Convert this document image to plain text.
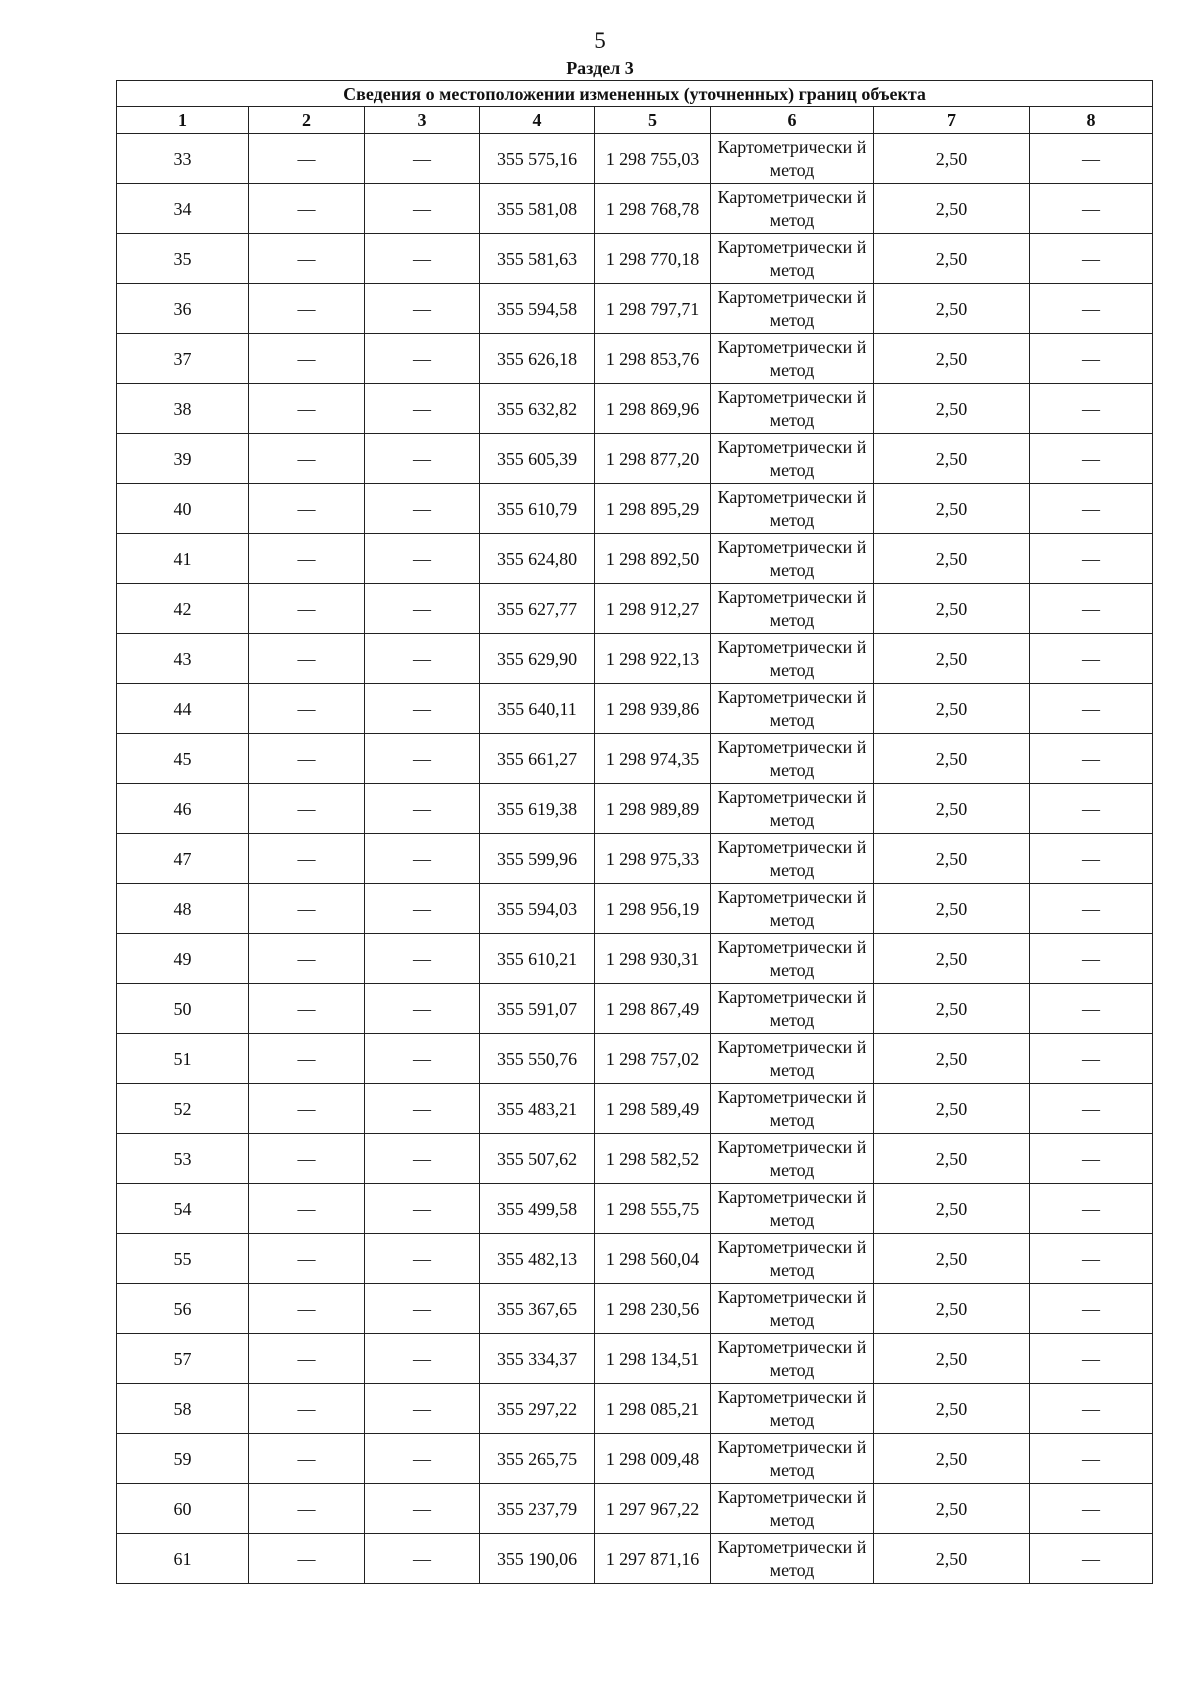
5
Раздел 3
Сведения о местоположении измененных (уточненных) границ объекта							
1	2	3	4	5	6	7	8
33	—	—	355 575,16	1 298 755,03	Картометрически й метод	2,50	—
34	—	—	355 581,08	1 298 768,78	Картометрически й метод	2,50	—
35	—	—	355 581,63	1 298 770,18	Картометрически й метод	2,50	—
36	—	—	355 594,58	1 298 797,71	Картометрически й метод	2,50	—
37	—	—	355 626,18	1 298 853,76	Картометрически й метод	2,50	—
38	—	—	355 632,82	1 298 869,96	Картометрически й метод	2,50	—
39	—	—	355 605,39	1 298 877,20	Картометрически й метод	2,50	—
40	—	—	355 610,79	1 298 895,29	Картометрически й метод	2,50	—
41	—	—	355 624,80	1 298 892,50	Картометрически й метод	2,50	—
42	—	—	355 627,77	1 298 912,27	Картометрически й метод	2,50	—
43	—	—	355 629,90	1 298 922,13	Картометрически й метод	2,50	—
44	—	—	355 640,11	1 298 939,86	Картометрически й метод	2,50	—
45	—	—	355 661,27	1 298 974,35	Картометрически й метод	2,50	—
46	—	—	355 619,38	1 298 989,89	Картометрически й метод	2,50	—
47	—	—	355 599,96	1 298 975,33	Картометрически й метод	2,50	—
48	—	—	355 594,03	1 298 956,19	Картометрически й метод	2,50	—
49	—	—	355 610,21	1 298 930,31	Картометрически й метод	2,50	—
50	—	—	355 591,07	1 298 867,49	Картометрически й метод	2,50	—
51	—	—	355 550,76	1 298 757,02	Картометрически й метод	2,50	—
52	—	—	355 483,21	1 298 589,49	Картометрически й метод	2,50	—
53	—	—	355 507,62	1 298 582,52	Картометрически й метод	2,50	—
54	—	—	355 499,58	1 298 555,75	Картометрически й метод	2,50	—
55	—	—	355 482,13	1 298 560,04	Картометрически й метод	2,50	—
56	—	—	355 367,65	1 298 230,56	Картометрически й метод	2,50	—
57	—	—	355 334,37	1 298 134,51	Картометрически й метод	2,50	—
58	—	—	355 297,22	1 298 085,21	Картометрически й метод	2,50	—
59	—	—	355 265,75	1 298 009,48	Картометрически й метод	2,50	—
60	—	—	355 237,79	1 297 967,22	Картометрически й метод	2,50	—
61	—	—	355 190,06	1 297 871,16	Картометрически й метод	2,50	—
